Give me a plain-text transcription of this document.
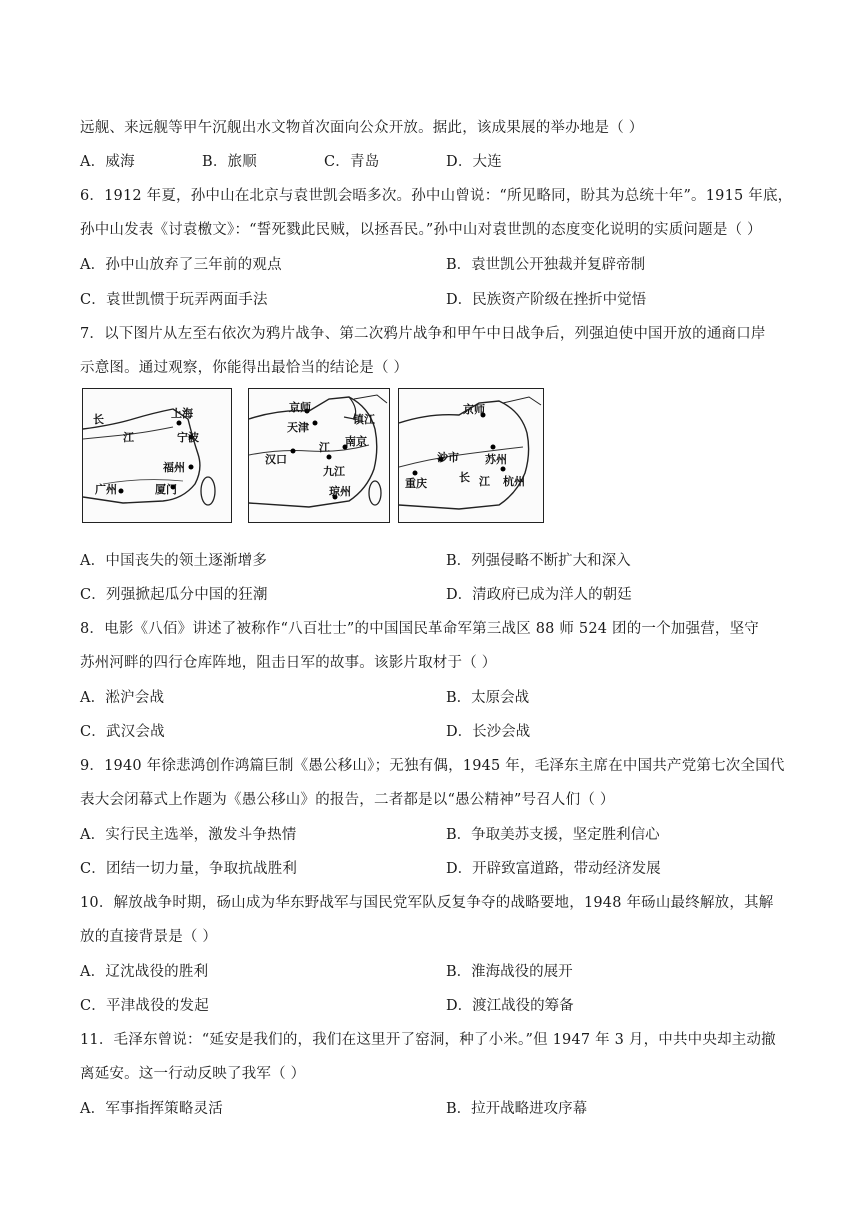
远舰、来远舰等甲午沉舰出水文物首次面向公众开放。据此，该成果展的举办地是（ ）
A．威海	B．旅顺	C．青岛	D．大连
6．1912 年夏，孙中山在北京与袁世凯会晤多次。孙中山曾说：“所见略同，盼其为总统十年”。1915 年底，
孙中山发表《讨袁檄文》：“誓死戮此民贼，以拯吾民。”孙中山对袁世凯的态度变化说明的实质问题是（ ）
A．孙中山放弃了三年前的观点	B．袁世凯公开独裁并复辟帝制
C．袁世凯惯于玩弄两面手法	D．民族资产阶级在挫折中觉悟
7．以下图片从左至右依次为鸦片战争、第二次鸦片战争和甲午中日战争后，列强迫使中国开放的通商口岸
示意图。通过观察，你能得出最恰当的结论是（ ）
长
江
上海
宁波
福州
厦门
广州
京师
天津
汉口
江
九江
南京
镇江
琼州
京师
沙市 苏州
重庆	长 江 杭州
A．中国丧失的领土逐渐增多	B．列强侵略不断扩大和深入
C．列强掀起瓜分中国的狂潮	D．清政府已成为洋人的朝廷
8．电影《八佰》讲述了被称作“八百壮士”的中国国民革命军第三战区 88 师 524 团的一个加强营，坚守
苏州河畔的四行仓库阵地，阻击日军的故事。该影片取材于（ ）
A．淞沪会战	B．太原会战
C．武汉会战	D．长沙会战
9．1940 年徐悲鸿创作鸿篇巨制《愚公移山》；无独有偶，1945 年，毛泽东主席在中国共产党第七次全国代
表大会闭幕式上作题为《愚公移山》的报告，二者都是以“愚公精神”号召人们（ ）
A．实行民主选举，激发斗争热情	B．争取美苏支援，坚定胜利信心
C．团结一切力量，争取抗战胜利	D．开辟致富道路，带动经济发展
10．解放战争时期，砀山成为华东野战军与国民党军队反复争夺的战略要地，1948 年砀山最终解放，其解
放的直接背景是（ ）
A．辽沈战役的胜利	B．淮海战役的展开
C．平津战役的发起	D．渡江战役的筹备
11．毛泽东曾说：“延安是我们的，我们在这里开了窑洞，种了小米。”但 1947 年 3 月，中共中央却主动撤
离延安。这一行动反映了我军（ ）
A．军事指挥策略灵活	B．拉开战略进攻序幕
